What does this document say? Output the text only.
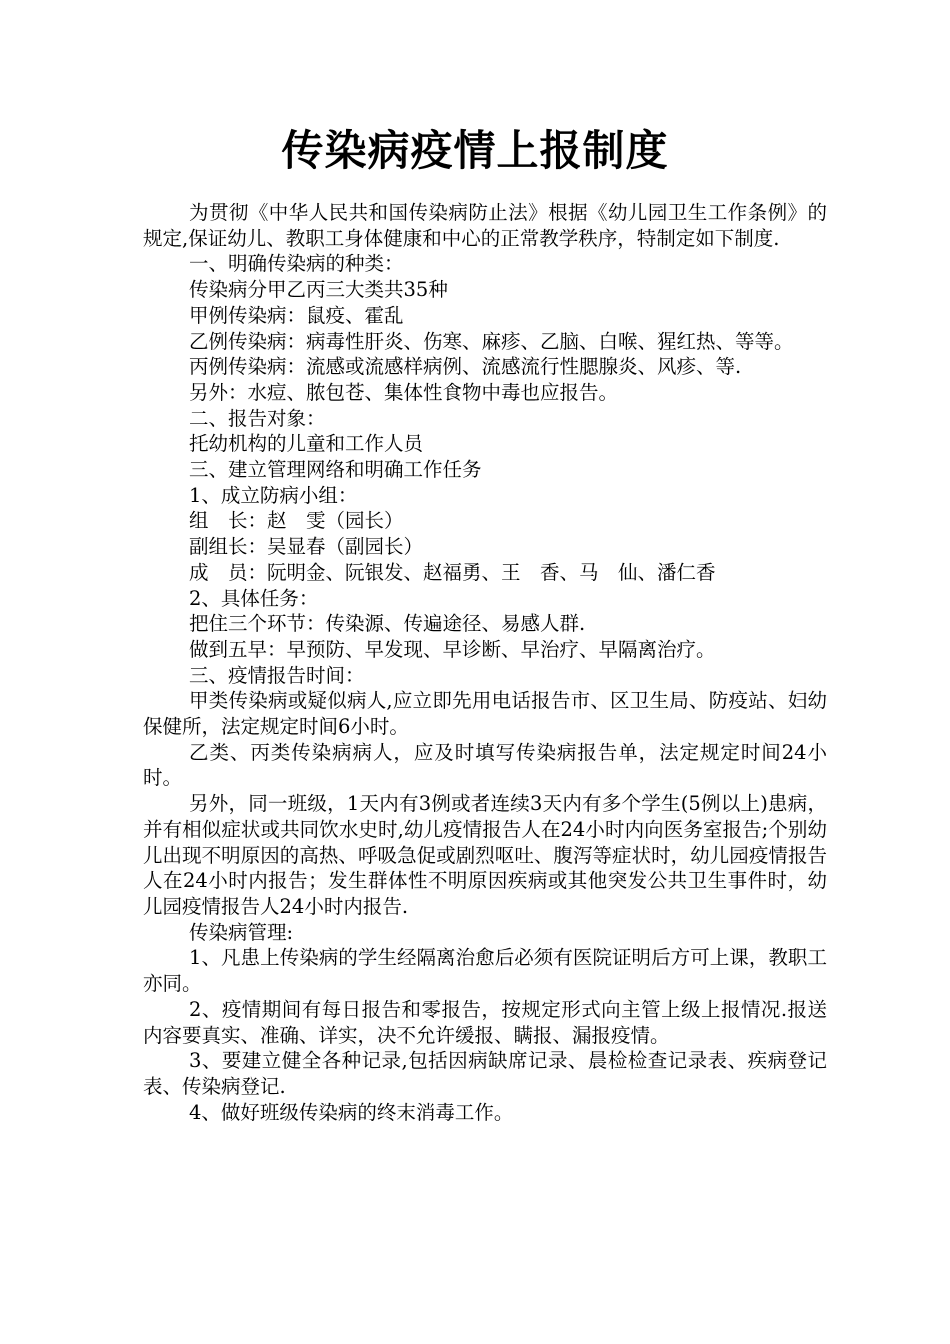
传染病疫情上报制度

为贯彻《中华人民共和国传染病防止法》根据《幼儿园卫生工作条例》的规定,保证幼儿、教职工身体健康和中心的正常教学秩序，特制定如下制度.

一、明确传染病的种类：

传染病分甲乙丙三大类共35种

甲例传染病：鼠疫、霍乱

乙例传染病：病毒性肝炎、伤寒、麻疹、乙脑、白喉、猩红热、等等。

丙例传染病：流感或流感样病例、流感流行性腮腺炎、风疹、等.

另外：水痘、脓包苍、集体性食物中毒也应报告。

二、报告对象：

托幼机构的儿童和工作人员

三、建立管理网络和明确工作任务

1、成立防病小组：

组　长：赵　雯（园长）

副组长：吴显春（副园长）

成　员：阮明金、阮银发、赵福勇、王　香、马　仙、潘仁香

2、具体任务：

把住三个环节：传染源、传遍途径、易感人群.

做到五早：早预防、早发现、早诊断、早治疗、早隔离治疗。

三、疫情报告时间：

甲类传染病或疑似病人,应立即先用电话报告市、区卫生局、防疫站、妇幼保健所，法定规定时间6小时。

乙类、丙类传染病病人，应及时填写传染病报告单，法定规定时间24小时。

另外，同一班级，1天内有3例或者连续3天内有多个学生(5例以上)患病，并有相似症状或共同饮水史时,幼儿疫情报告人在24小时内向医务室报告;个别幼儿出现不明原因的高热、呼吸急促或剧烈呕吐、腹泻等症状时，幼儿园疫情报告人在24小时内报告；发生群体性不明原因疾病或其他突发公共卫生事件时，幼儿园疫情报告人24小时内报告.

传染病管理:

1、凡患上传染病的学生经隔离治愈后必须有医院证明后方可上课，教职工亦同。

2、疫情期间有每日报告和零报告，按规定形式向主管上级上报情况.报送内容要真实、准确、详实，决不允许缓报、瞒报、漏报疫情。

3、要建立健全各种记录,包括因病缺席记录、晨检检查记录表、疾病登记表、传染病登记.

4、做好班级传染病的终末消毒工作。
